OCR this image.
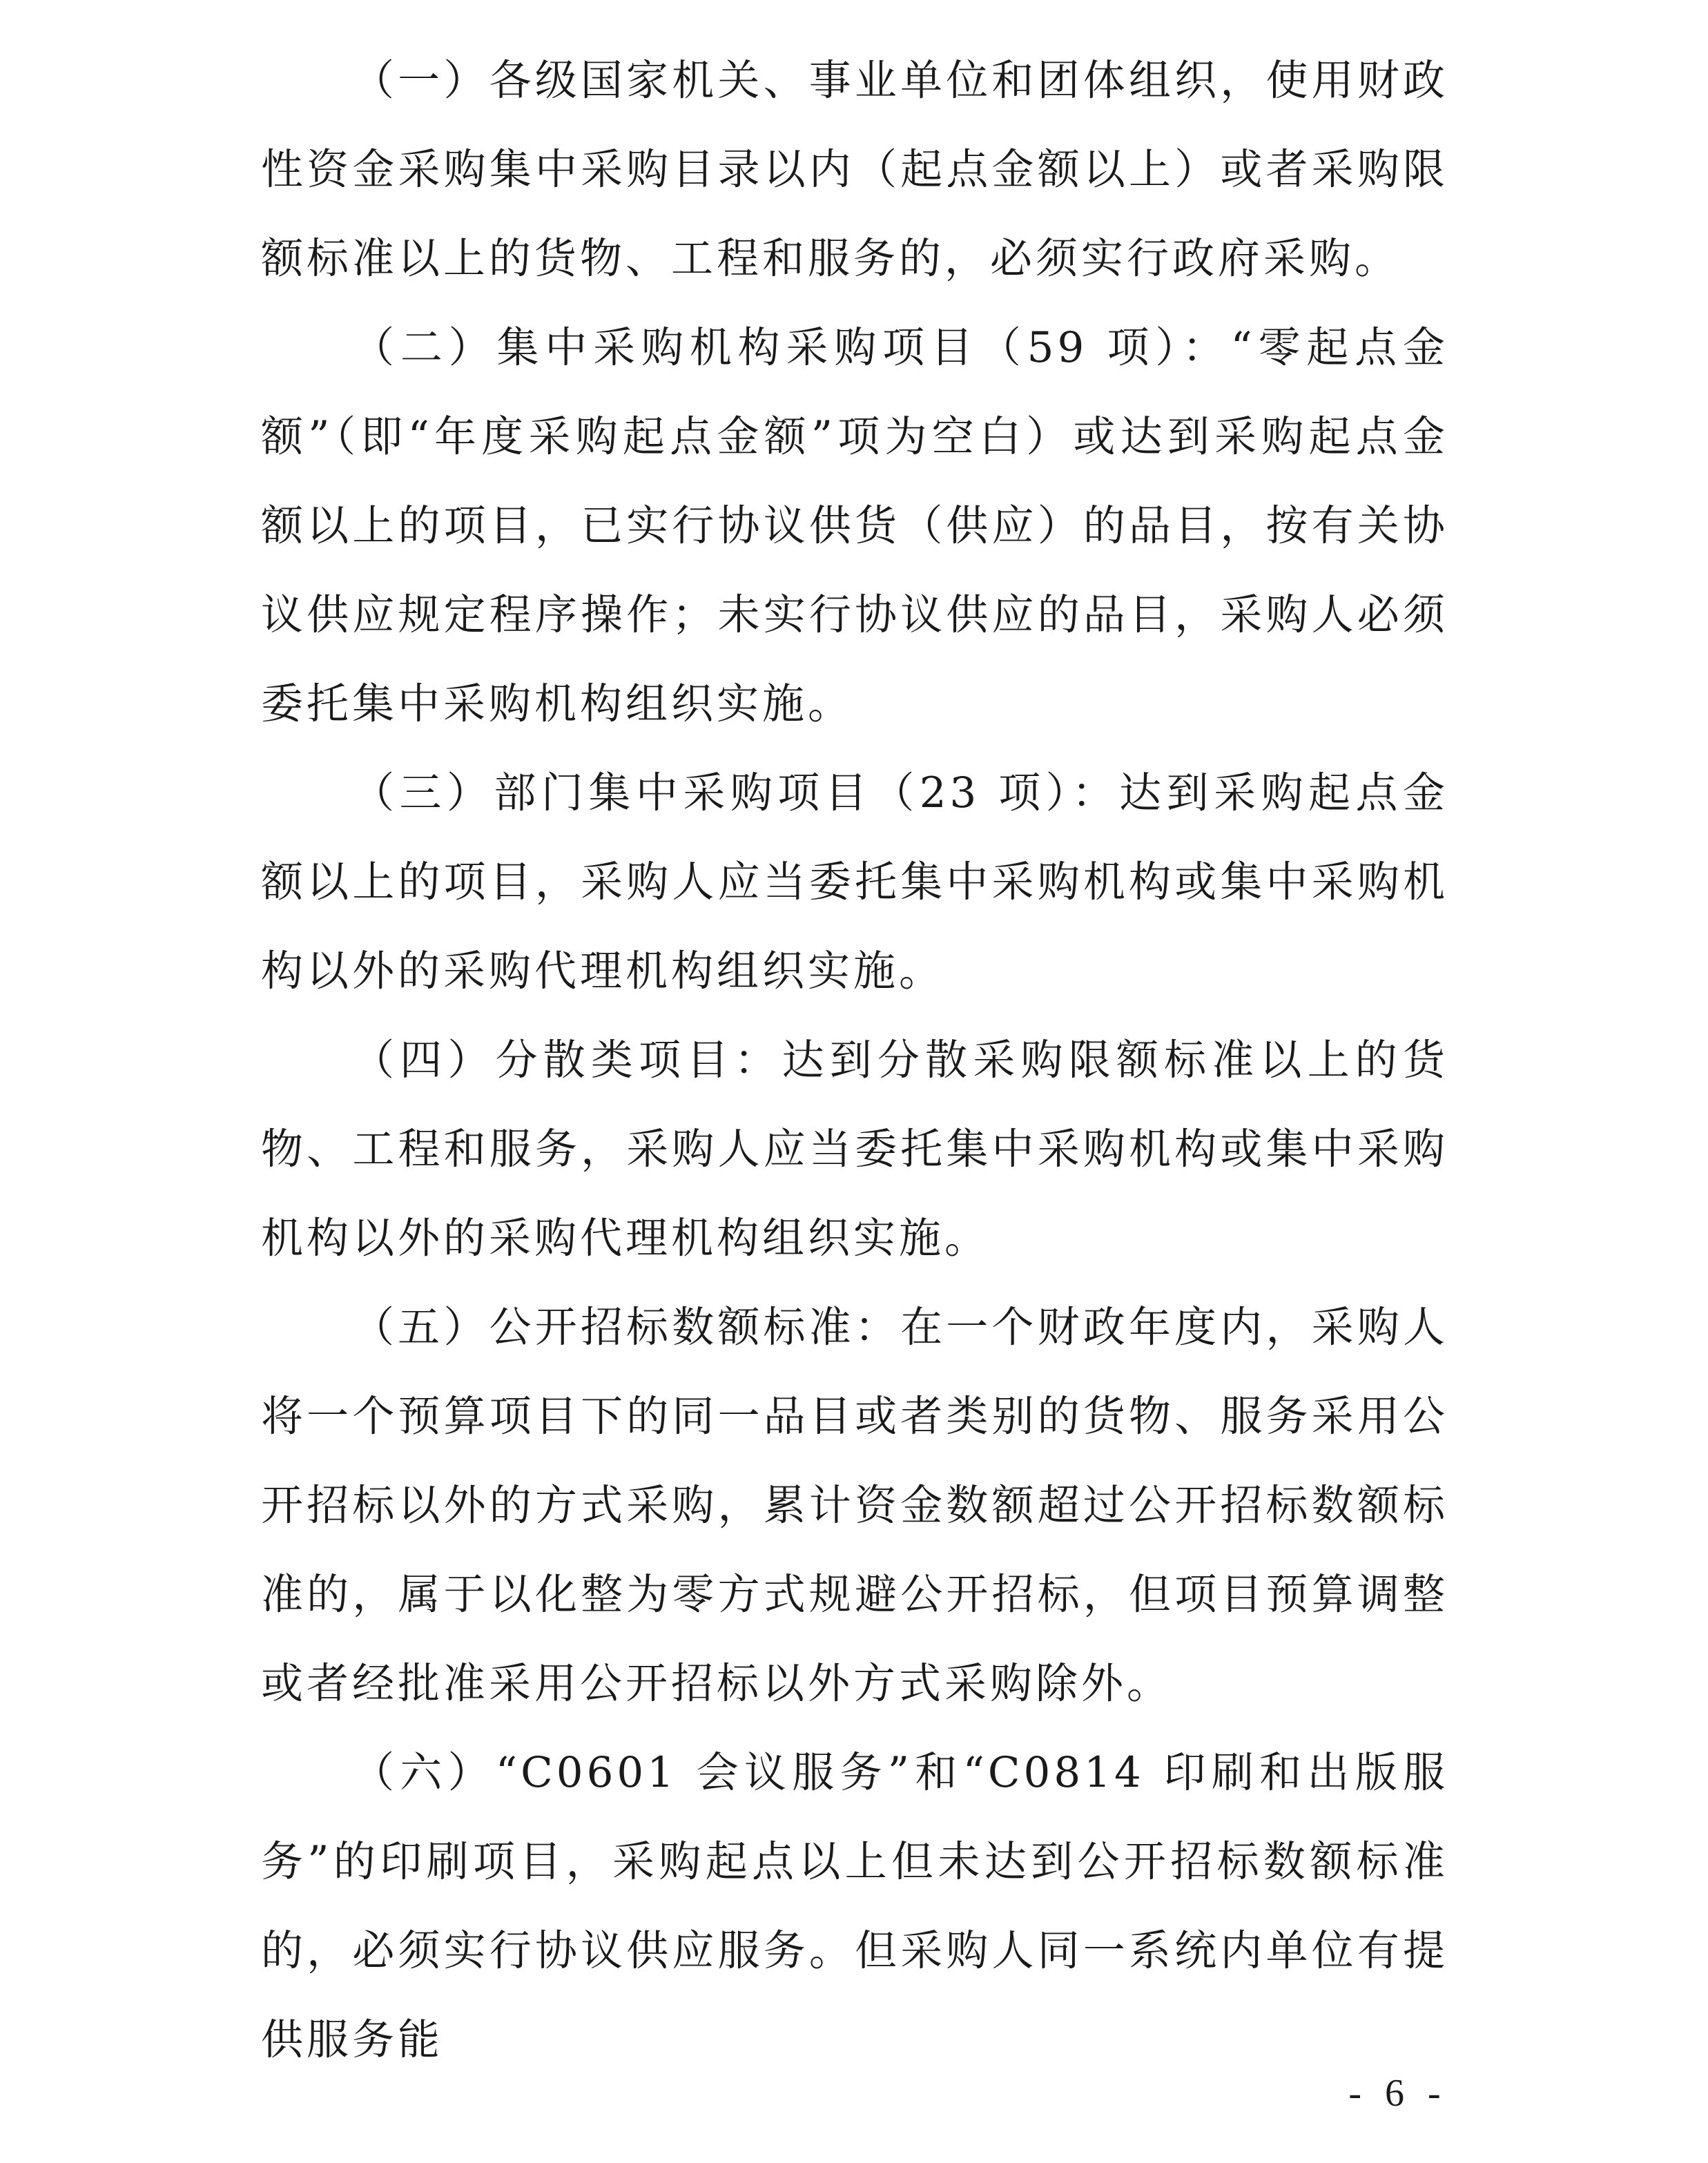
（一）各级国家机关、事业单位和团体组织，使用财政性资金采购集中采购目录以内（起点金额以上）或者采购限额标准以上的货物、工程和服务的，必须实行政府采购。

（二）集中采购机构采购项目（59 项）：“零起点金额”（即“年度采购起点金额”项为空白）或达到采购起点金额以上的项目，已实行协议供货（供应）的品目，按有关协议供应规定程序操作；未实行协议供应的品目，采购人必须委托集中采购机构组织实施。

（三）部门集中采购项目（23 项）：达到采购起点金额以上的项目，采购人应当委托集中采购机构或集中采购机构以外的采购代理机构组织实施。

（四）分散类项目：达到分散采购限额标准以上的货物、工程和服务，采购人应当委托集中采购机构或集中采购机构以外的采购代理机构组织实施。

（五）公开招标数额标准：在一个财政年度内，采购人将一个预算项目下的同一品目或者类别的货物、服务采用公开招标以外的方式采购，累计资金数额超过公开招标数额标准的，属于以化整为零方式规避公开招标，但项目预算调整或者经批准采用公开招标以外方式采购除外。

（六）“C0601 会议服务”和“C0814 印刷和出版服务”的印刷项目，采购起点以上但未达到公开招标数额标准的，必须实行协议供应服务。但采购人同一系统内单位有提供服务能

- 6 -
